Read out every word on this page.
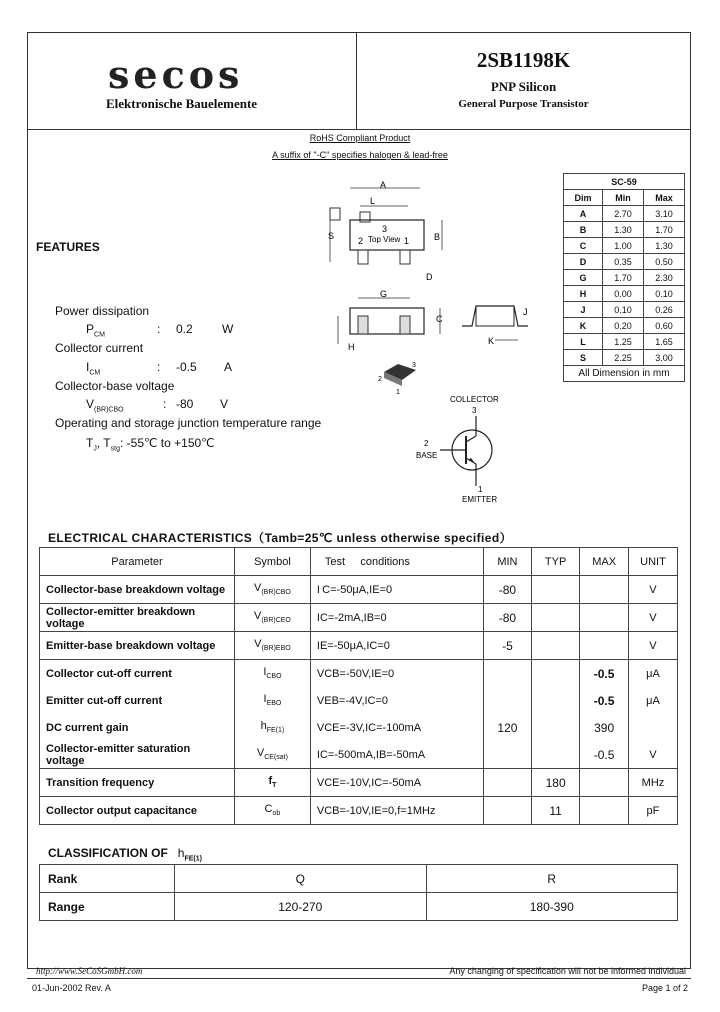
secos
Elektronische Bauelemente
2SB1198K
PNP Silicon
General Purpose Transistor
RoHS Compliant Product
A suffix of "-C" specifies halogen & lead-free
FEATURES
Power dissipation
$P_{CM}$	: 0.2 W
Collector current
$I_{CM}$	: -0.5 A
Collector-base voltage
$V_{(BR)CBO}$	: -80 V
Operating and storage junction temperature range
$T_J$, $T_{stg}$: -55℃ to +150℃
A
L
3
Top View
2	1
S	B
D
G
C
H
J
K
3
2
1
COLLECTOR
3
2
BASE
1
EMITTER
SC-59		
Dim	Min	Max
A	2.70	3.10
B	1.30	1.70
C	1.00	1.30
D	0.35	0.50
G	1.70	2.30
H	0.00	0.10
J	0.10	0.26
K	0.20	0.60
L	1.25	1.65
S	2.25	3.00
All Dimension in mm		
ELECTRICAL CHARACTERISTICS（Tamb=25℃ unless otherwise specified）
Parameter	Symbol	Test     conditions	MIN	TYP	MAX	UNIT
Collector-base breakdown voltage	$V_{(BR)CBO}$	I C=-50μA,IE=0	-80			V
Collector-emitter breakdown voltage	$V_{(BR)CEO}$	IC=-2mA,IB=0	-80			V
Emitter-base breakdown voltage	$V_{(BR)EBO}$	IE=-50μA,IC=0	-5			V
Collector cut-off current	$I_{CBO}$	VCB=-50V,IE=0			-0.5	μA
Emitter cut-off current	$I_{EBO}$	VEB=-4V,IC=0			-0.5	μA
DC current gain	$h_{FE(1)}$	VCE=-3V,IC=-100mA	120		390	
Collector-emitter saturation voltage	$V_{CE(sat)}$	IC=-500mA,IB=-50mA			-0.5	V
Transition frequency	$f_T$	VCE=-10V,IC=-50mA		180		MHz
Collector output capacitance	$C_{ob}$	VCB=-10V,IE=0,f=1MHz		11		pF
CLASSIFICATION OF $h_{FE(1)}$
Rank	Q	R
Range	120-270	180-390
http://www.SeCoSGmbH.com	Any changing of specification will not be informed individual
01-Jun-2002 Rev. A	Page 1 of 2
